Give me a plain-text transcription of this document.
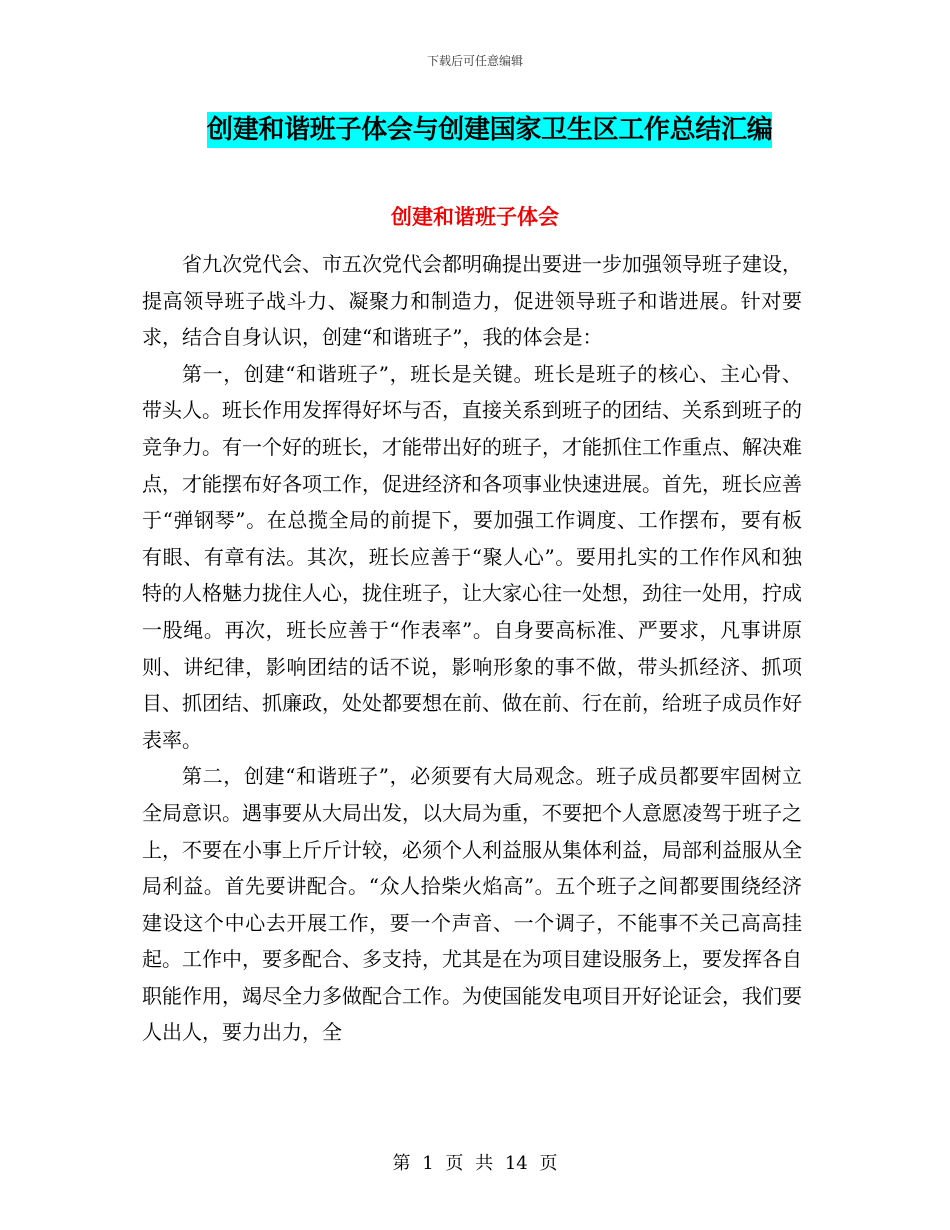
下载后可任意编辑
创建和谐班子体会与创建国家卫生区工作总结汇编
创建和谐班子体会

省九次党代会、市五次党代会都明确提出要进一步加强领导班子建设，提高领导班子战斗力、凝聚力和制造力，促进领导班子和谐进展。针对要求，结合自身认识，创建“和谐班子”，我的体会是：

第一，创建“和谐班子”，班长是关键。班长是班子的核心、主心骨、带头人。班长作用发挥得好坏与否，直接关系到班子的团结、关系到班子的竞争力。有一个好的班长，才能带出好的班子，才能抓住工作重点、解决难点，才能摆布好各项工作，促进经济和各项事业快速进展。首先，班长应善于“弹钢琴”。在总揽全局的前提下，要加强工作调度、工作摆布，要有板有眼、有章有法。其次，班长应善于“聚人心”。要用扎实的工作作风和独特的人格魅力拢住人心，拢住班子，让大家心往一处想，劲往一处用，拧成一股绳。再次，班长应善于“作表率”。自身要高标准、严要求，凡事讲原则、讲纪律，影响团结的话不说，影响形象的事不做，带头抓经济、抓项目、抓团结、抓廉政，处处都要想在前、做在前、行在前，给班子成员作好表率。

第二，创建“和谐班子”，必须要有大局观念。班子成员都要牢固树立全局意识。遇事要从大局出发，以大局为重，不要把个人意愿凌驾于班子之上，不要在小事上斤斤计较，必须个人利益服从集体利益，局部利益服从全局利益。首先要讲配合。“众人拾柴火焰高”。五个班子之间都要围绕经济建设这个中心去开展工作，要一个声音、一个调子，不能事不关己高高挂起。工作中，要多配合、多支持，尤其是在为项目建设服务上，要发挥各自职能作用，竭尽全力多做配合工作。为使国能发电项目开好论证会，我们要人出人，要力出力，全

第 1 页 共 14 页
